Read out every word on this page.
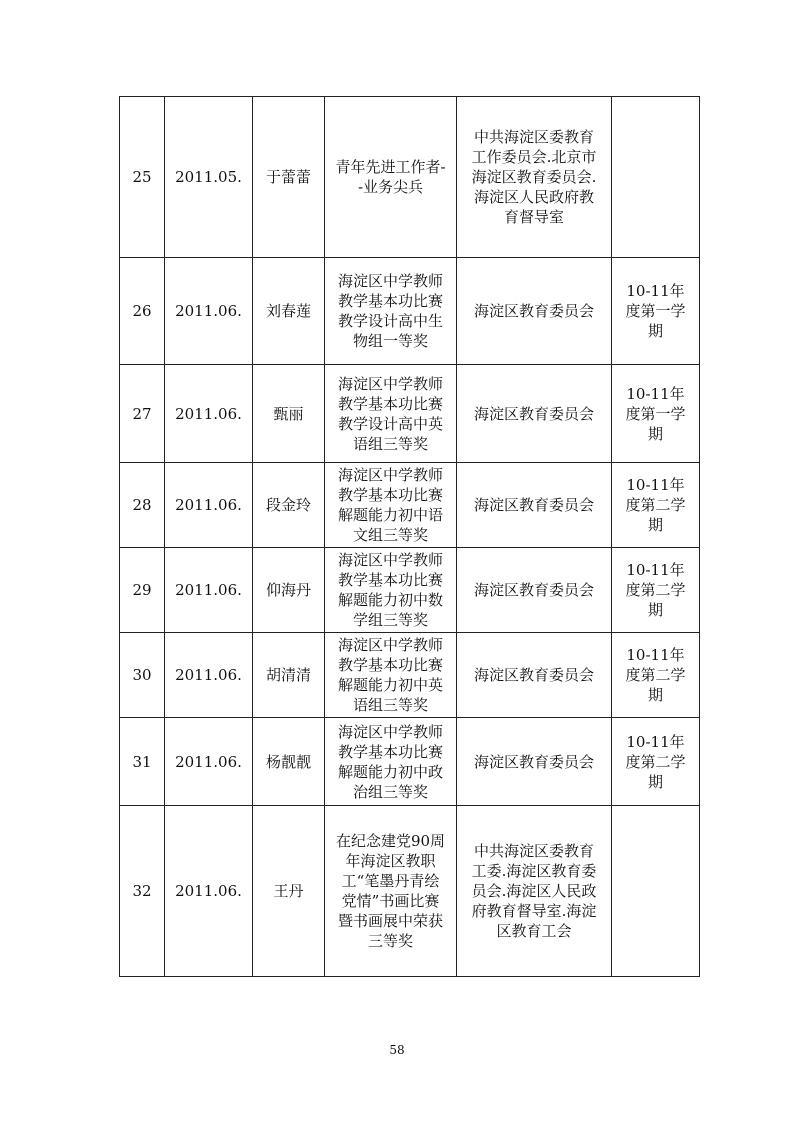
25	2011.05.	于蕾蕾	青年先进工作者--业务尖兵	中共海淀区委教育工作委员会.北京市海淀区教育委员会.海淀区人民政府教育督导室	
26	2011.06.	刘春莲	海淀区中学教师教学基本功比赛教学设计高中生物组一等奖	海淀区教育委员会	10-11年度第一学期
27	2011.06.	甄丽	海淀区中学教师教学基本功比赛教学设计高中英语组三等奖	海淀区教育委员会	10-11年度第一学期
28	2011.06.	段金玲	海淀区中学教师教学基本功比赛解题能力初中语文组三等奖	海淀区教育委员会	10-11年度第二学期
29	2011.06.	仰海丹	海淀区中学教师教学基本功比赛解题能力初中数学组三等奖	海淀区教育委员会	10-11年度第二学期
30	2011.06.	胡清清	海淀区中学教师教学基本功比赛解题能力初中英语组三等奖	海淀区教育委员会	10-11年度第二学期
31	2011.06.	杨靓靓	海淀区中学教师教学基本功比赛解题能力初中政治组三等奖	海淀区教育委员会	10-11年度第二学期
32	2011.06.	王丹	在纪念建党90周年海淀区教职工“笔墨丹青绘党情”书画比赛暨书画展中荣获三等奖	中共海淀区委教育工委.海淀区教育委员会.海淀区人民政府教育督导室.海淀区教育工会	
58
